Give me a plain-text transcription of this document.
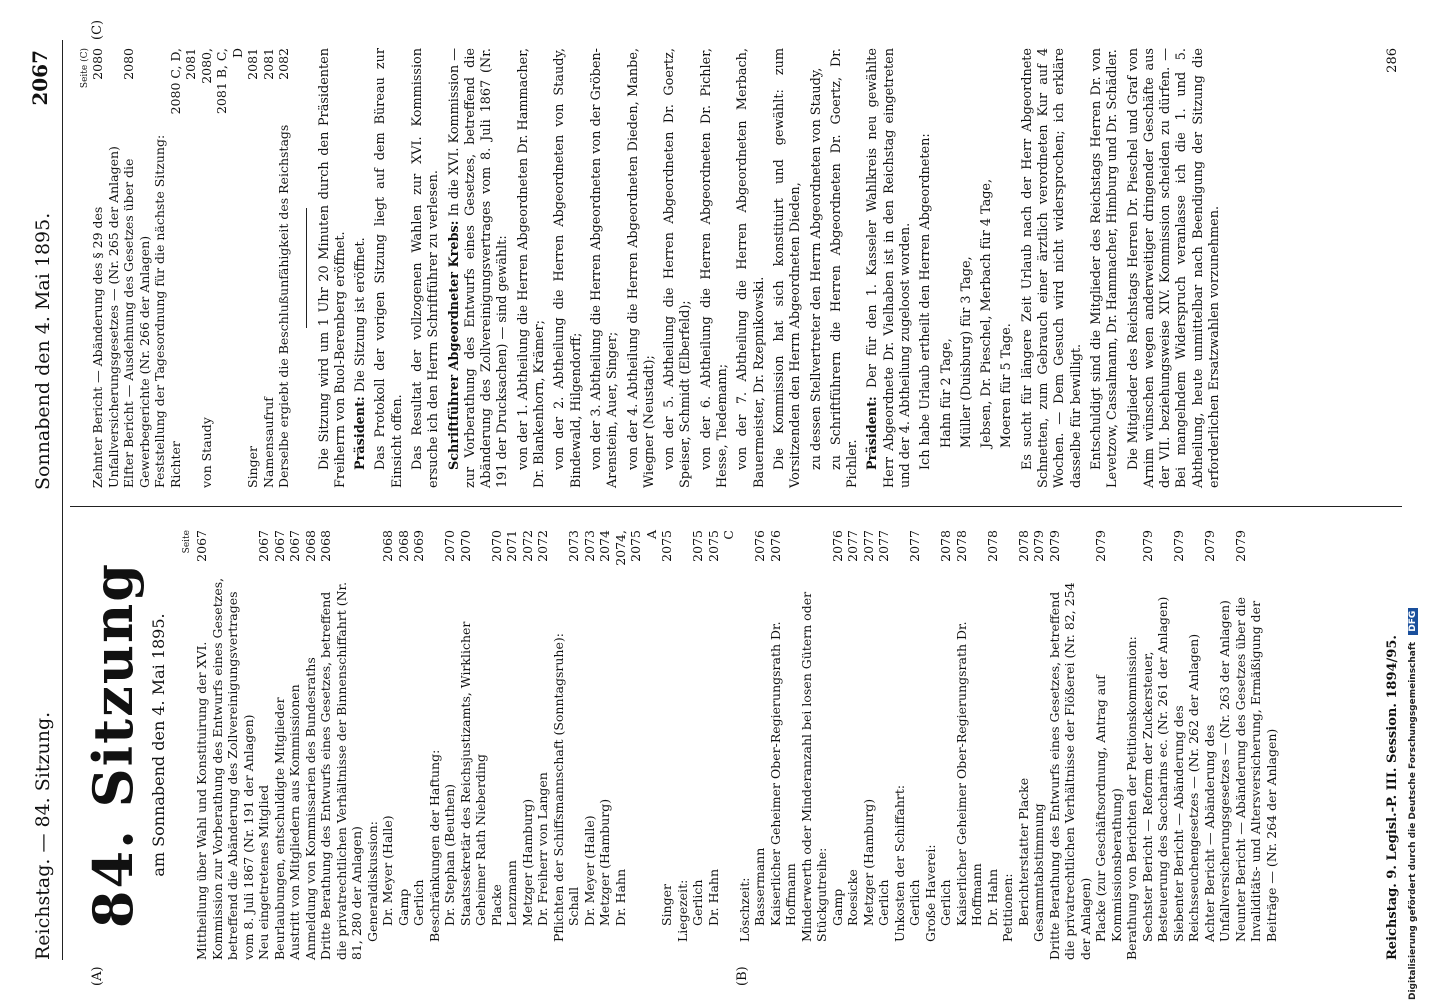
Reichstag. — 84. Sitzung.
Sonnabend den 4. Mai 1895.
2067
(A)	(B)
(C)
84. Sitzung am Sonnabend den 4. Mai 1895.
Seite
Mittheilung über Wahl und Konstituirung der XVI. Kommission zur Vorberathung des Entwurfs eines Gesetzes, betreffend die Abänderung des Zollvereinigungsvertrages vom 8. Juli 1867 (Nr. 191 der Anlagen)
2067
Neu eingetretenes Mitglied
2067
Beurlaubungen, entschuldigte Mitglieder
2067
Austritt von Mitgliedern aus Kommissionen
2067
Anmeldung von Kommissarien des Bundesraths
2068
Dritte Berathung des Entwurfs eines Gesetzes, betreffend die privatrechtlichen Verhältnisse der Binnenschiffahrt (Nr. 81, 280 der Anlagen)
2068
Generaldiskussion: Dr. Meyer (Halle)
2068
Gamp
2068
Gerlich
2069
Beschränkungen der Haftung: Dr. Stephan (Beuthen)
2070
Staatssekretär des Reichsjustizamts, Wirklicher Geheimer Rath Nieberding
2070
Placke
2070
Lenzmann
2071
Metzger (Hamburg)
2072
Dr. Freiherr von Langen
2072
Pflichten der Schiffsmannschaft (Sonntagsruhe): Schall
2073
Dr. Meyer (Halle)
2073
Metzger (Hamburg)
2074
Dr. Hahn
2074, 2075 A
Singer
2075
Liegezeit: Gerlich
2075
Dr. Hahn
2075 C
Löschzeit: Bassermann
2076
Kaiserlicher Geheimer Ober-Regierungsrath Dr. Hoffmann
2076
Minderwerth oder Minderanzahl bei losen Gütern oder Stückgutreihe: Gamp
2076
Roesicke
2077
Metzger (Hamburg)
2077
Gerlich
2077
Unkosten der Schiffahrt: Gerlich
2077
Große Haverei: Gerlich
2078
Kaiserlicher Geheimer Ober-Regierungsrath Dr. Hoffmann
2078
Dr. Hahn
2078
Petitionen: Berichterstatter Placke
2078
Gesammtabstimmung
2079
Dritte Berathung des Entwurfs eines Gesetzes, betreffend die privatrechtlichen Verhältnisse der Flößerei (Nr. 82, 254 der Anlagen)
2079
Placke (zur Geschäftsordnung, Antrag auf Kommissionsberathung)
2079
Berathung von Berichten der Petitionskommission: Sechster Bericht — Reform der Zuckersteuer, Besteuerung des Saccharins ec. (Nr. 261 der Anlagen)
2079
Siebenter Bericht — Abänderung des Reichsseuchengesetzes — (Nr. 262 der Anlagen)
2079
Achter Bericht — Abänderung des Unfallversicherungsgesetzes — (Nr. 263 der Anlagen)
2079
Neunter Bericht — Abänderung des Gesetzes über die Invaliditäts- und Altersversicherung, Ermäßigung der Beiträge — (Nr. 264 der Anlagen)
2079
Reichstag. 9. Legisl.-P. III. Session. 1894/95.
Seite (C)
Zehnter Bericht — Abänderung des § 29 des Unfallversicherungsgesetzes — (Nr. 265 der Anlagen)
2080
Elfter Bericht — Ausdehnung des Gesetzes über die Gewerbegerichte (Nr. 266 der Anlagen)
2080
Feststellung der Tagesordnung für die nächste Sitzung: Richter
2080 C, D, 2081
von Staudy
2080, 2081 B, C, D
Singer
2081
Namensaufruf
2081
Derselbe ergiebt die Beschlußunfähigkeit des Reichstags
2082 Die Sitzung wird um 1 Uhr 20 Minuten durch den Präsidenten Freiherrn von Buol-Berenberg eröffnet. Präsident: Die Sitzung ist eröffnet. Das Protokoll der vorigen Sitzung liegt auf dem Büreau zur Einsicht offen. Das Resultat der vollzogenen Wahlen zur XVI. Kommission ersuche ich den Herrn Schriftführer zu verlesen. Schriftführer Abgeordneter Krebs: In die XVI. Kommission — zur Vorberathung des Entwurfs eines Gesetzes, betreffend die Abänderung des Zollvereinigungsvertrages vom 8. Juli 1867 (Nr. 191 der Drucksachen) — sind gewählt: von der 1. Abtheilung die Herren Abgeordneten Dr. Hammacher, Dr. Blankenhorn, Krämer; von der 2. Abtheilung die Herren Abgeordneten von Staudy, Bindewald, Hilgendorff; von der 3. Abtheilung die Herren Abgeordneten von der Gröben-Arenstein, Auer, Singer; von der 4. Abtheilung die Herren Abgeordneten Dieden, Manbe, Wiegner (Neustadt); von der 5. Abtheilung die Herren Abgeordneten Dr. Goertz, Speiser, Schmidt (Elberfeld); von der 6. Abtheilung die Herren Abgeordneten Dr. Pichler, Hesse, Tiedemann; von der 7. Abtheilung die Herren Abgeordneten Merbach, Bauermeister, Dr. Rzepnikowski. Die Kommission hat sich konstituirt und gewählt: zum Vorsitzenden den Herrn Abgeordneten Dieden, zu dessen Stellvertreter den Herrn Abgeordneten von Staudy, zu Schriftführern die Herren Abgeordneten Dr. Goertz, Dr. Pichler. Präsident: Der für den 1. Kasseler Wahlkreis neu gewählte Herr Abgeordnete Dr. Vielhaben ist in den Reichstag eingetreten und der 4. Abtheilung zugeloost worden. Ich habe Urlaub ertheilt den Herren Abgeordneten: Hahn für 2 Tage, Müller (Duisburg) für 3 Tage, Jebsen, Dr. Pieschel, Merbach für 4 Tage, Moeren für 5 Tage. Es sucht für längere Zeit Urlaub nach der Herr Abgeordnete Schnetten, zum Gebrauch einer ärztlich verordneten Kur auf 4 Wochen. — Dem Gesuch wird nicht widersprochen; ich erkläre dasselbe für bewilligt. Entschuldigt sind die Mitglieder des Reichstags Herren Dr. von Levetzow, Cassalmann, Dr. Hammacher, Himburg und Dr. Schädler. Die Mitglieder des Reichstags Herren Dr. Pieschel und Graf von Arnim wünschen wegen anderweitiger dringender Geschäfte aus der VII. beziehungsweise XIV. Kommission scheiden zu dürfen. — Bei mangelndem Widerspruch veranlasse ich die 1. und 5. Abtheilung, heute unmittelbar nach Beendigung der Sitzung die erforderlichen Ersatzwahlen vorzunehmen.

286
Digitalisierung gefördert durch die Deutsche Forschungsgemeinschaft DFG
